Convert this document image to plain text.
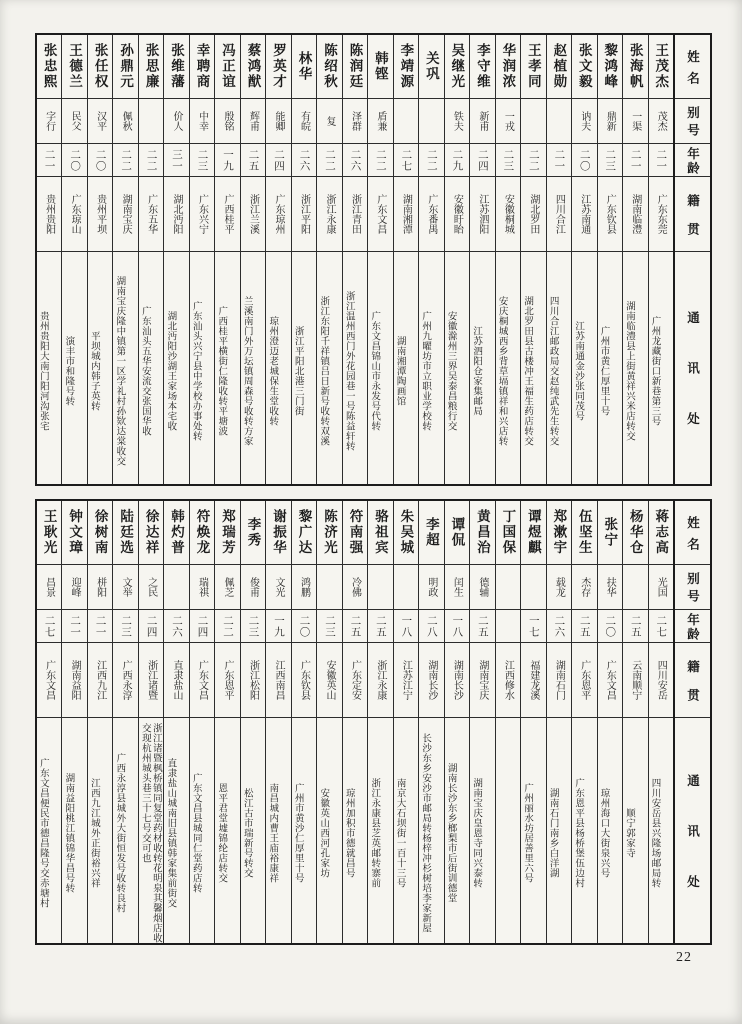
姓名
别号
年龄
籍贯
通讯处
王茂杰
茂杰
二一
广东东莞
广州龙藏街口新巷第三号
张海帆
一渠
二一
湖南临澧
湖南临澧县上街黄祥兴米店转交
黎鸿峰
鼎新
二三
广东钦县
广州市黄仁厚里十号
张文毅
讷夫
二〇
江苏南通
江苏南通金沙张同茂号
赵植勋
二一
四川合江
四川合江邮政局交赵纯武先生转交
王孝同
二二
湖北罗田
湖北罗田县古楼冲王福生药店转交
华润浓
一戎
二三
安徽桐城
安庆桐城西乡背草塥镇祥和兴店转
李守维
新甫
二四
江苏泗阳
江苏泗阳仓家集邮局
吴继光
铁夫
二九
安徽盱眙
安徽滁州三界吴泰昌粮行交
关巩
二二
广东番禺
广州九曜坊市立职业学校转
李靖源
二七
湖南湘潭
湖南湘潭陶画馆
韩铿
盾兼
二二
广东文昌
广东文昌锦山市永发号代转
陈润廷
泽群
二六
浙江青田
浙江温州西门外花园巷一号陈益轩转
陈绍秋
复
二二
浙江永康
浙江东阳千祥镇吕日新号收转双溪
林华
有皖
二六
浙江平阳
浙江平阳北港三门街
罗英才
能卿
二四
广东琼州
琼州澄迈老城保生堂收转
蔡鸿猷
辉甫
二五
浙江兰溪
兰溪南门外万坛镇周森号收转方家
冯正谊
殷铭
一九
广西桂平
广西桂平横街仁隆收转平塘波
幸聘商
中幸
二三
广东兴宁
广东汕头兴宁县中学校办事处转
张维藩
价人
三一
湖北沔阳
湖北沔阳沙湖王家场本宅收
张思廉
二二
广东五华
广东汕头五华安流交张国华收
孙鼎元
佩秋
二二
湖南宝庆
湖南宝庆隆中镇第一区学礼村孙欵达棠收交
张任权
汉平
二〇
贵州平坝
平坝城内韩子英转
王德兰
民父
二〇
广东琼山
演丰市和隆号转
张忠熙
字行
二一
贵州贵阳
贵州贵阳大南门阳河沟张宅
姓名
别号
年龄
籍贯
通讯处
蒋志高
光国
二七
四川安岳
四川安岳县兴隆场邮局转
杨华仓
二五
云南顺宁
顺宁郭家寺
张宁
扶华
二〇
广东文昌
琼州海口大街泉兴号
伍坚生
杰存
二五
广东恩平
广东恩平县杨桥堡伍边村
郑漱宇
载龙
二六
湖南石门
湖南石门南乡白洋湖
谭煜麒
一七
福建龙溪
广州丽水坊居善里六号
丁国保
江西修水
黄昌治
德辅
二五
湖南宝庆
湖南宝庆皇恩寺同兴泰转
谭侃
闰生
一八
湖南长沙
湖南长沙东乡榔梨市后街训德堂
李超
明政
二八
湖南长沙
长沙东乡安沙市邮局转杨梓冲杉树培李家新屋
朱吴城
一八
江苏江宁
南京大石坝街一百十三号
骆祖宾
二五
浙江永康
浙江永康县芝英邮转寨前
符南强
冷佛
二五
广东定安
琼州加积市德就昌号
陈济光
二三
安徽英山
安徽英山西河孔家坊
黎广达
鸿鹏
二〇
广东钦县
广州市黄沙仁厚里十号
谢振华
文光
一九
江西南昌
南昌城内曹王庙裕康祥
李秀
俊甫
二三
浙江松阳
松江古市瑞新号转交
郑瑞芳
佩芝
二二
广东恩平
恩平君堂墟锦纶店转交
符焕龙
瑞祺
二四
广东文昌
广东文昌县城同仁堂药店转
韩灼普
二六
直隶盐山
直隶盐山城南旧县镇韩家集前街交
徐达祥
之民
二四
浙江诸暨
浙江诸暨枫桥镇同复堂药材收转花明泉其馨烟店收交现杭州城头巷三十七号交可也
陆廷选
文举
二三
广西永淳
广西永淳县城外大街恒发号收转良村
徐树南
栟阳
二一
江西九江
江西九江城外正街裕兴祥
钟文璋
迎峰
二一
湖南益阳
湖南益阳桃江镇锦华昌号转
王耿光
昌景
二七
广东文昌
广东文昌便民市德昌隆号交赤塘村
22
